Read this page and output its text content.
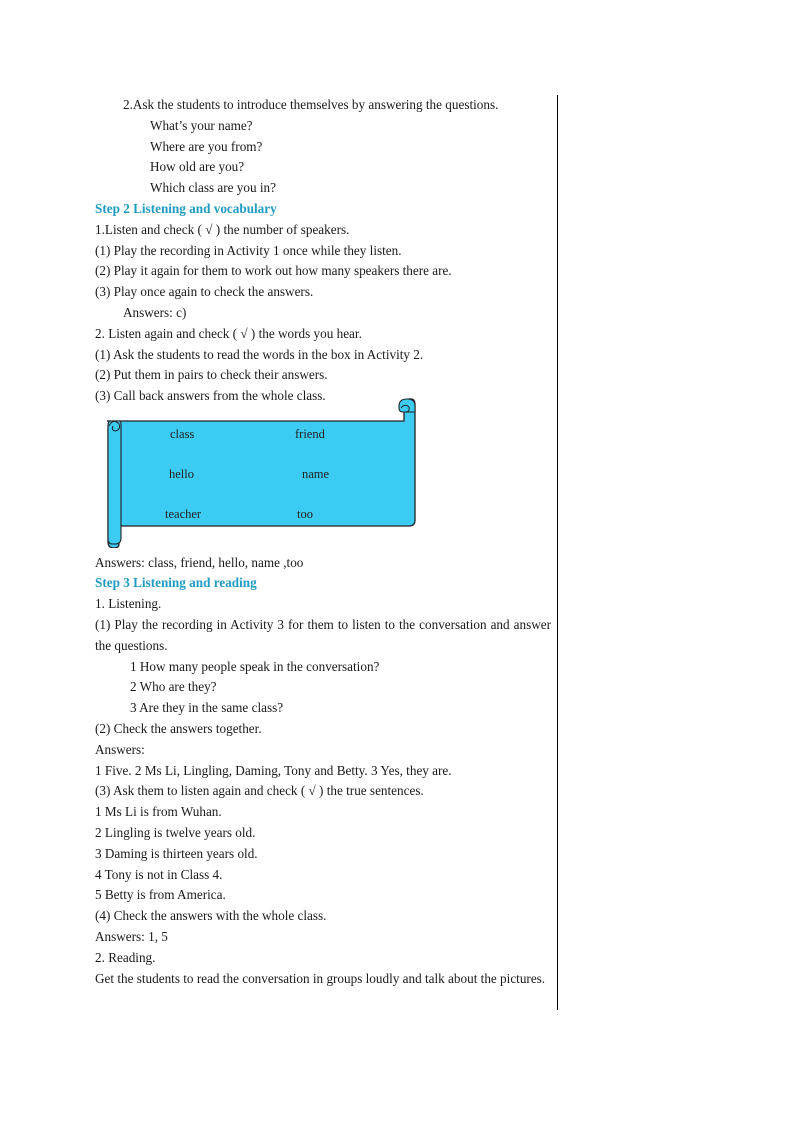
2.Ask the students to introduce themselves by answering the questions.
What’s your name?
Where are you from?
How old are you?
Which class are you in?
Step 2 Listening and vocabulary
1.Listen and check ( √ ) the number of speakers.
(1) Play the recording in Activity 1 once while they listen.
(2) Play it again for them to work out how many speakers there are.
(3) Play once again to check the answers.
Answers: c)
2. Listen again and check ( √ ) the words you hear.
(1) Ask the students to read the words in the box in Activity 2.
(2) Put them in pairs to check their answers.
(3) Call back answers from the whole class.
class	friend
hello	name
teacher	too
Answers: class, friend, hello, name ,too
Step 3 Listening and reading
1. Listening.
(1) Play the recording in Activity 3 for them to listen to the conversation and answer the questions.
1 How many people speak in the conversation?
2 Who are they?
3 Are they in the same class?
(2) Check the answers together.
Answers:
1 Five. 2 Ms Li, Lingling, Daming, Tony and Betty. 3 Yes, they are.
(3) Ask them to listen again and check ( √ ) the true sentences.
1 Ms Li is from Wuhan.
2 Lingling is twelve years old.
3 Daming is thirteen years old.
4 Tony is not in Class 4.
5 Betty is from America.
(4) Check the answers with the whole class.
Answers: 1, 5
2. Reading.
Get the students to read the conversation in groups loudly and talk about the pictures.
